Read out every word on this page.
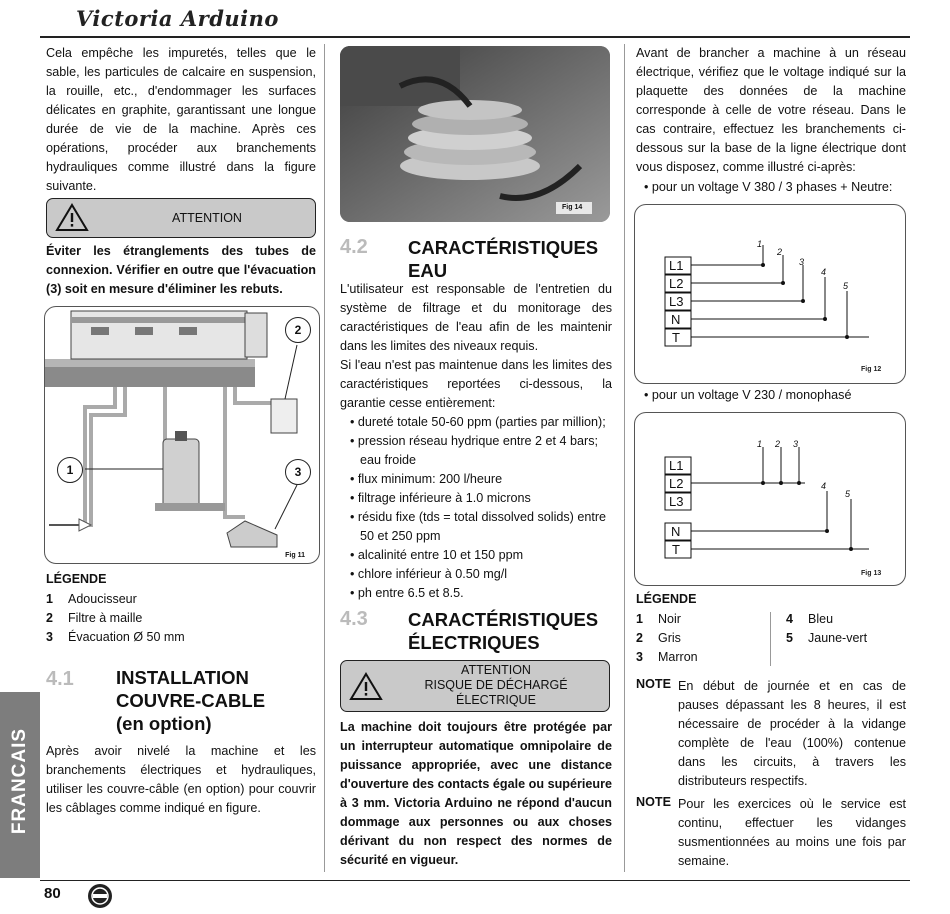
Victoria Arduino
Cela empêche les impuretés, telles que le sable, les particules de calcaire en suspension, la rouille, etc., d'endommager les surfaces délicates en graphite, garantissant une longue durée de vie de la machine. Après ces opérations, procéder aux branchements hydrauliques comme illustré dans la figure suivante.
ATTENTION
Éviter les étranglements des tubes de connexion. Vérifier en outre que l'évacuation (3) soit en mesure d'éliminer les rebuts.
1
2
3
Fig 11
LÉGENDE
1 Adoucisseur
2 Filtre à maille
3 Évacuation Ø 50 mm
4.1 INSTALLATION
COUVRE-CABLE
(en option)
Après avoir nivelé la machine et les branchements électriques et hydrauliques, utiliser les couvre-câble (en option) pour couvrir les câblages comme indiqué en figure.
Fig 14
4.2 CARACTÉRISTIQUES
EAU
L'utilisateur est responsable de l'entretien du système de filtrage et du monitorage des caractéristiques de l'eau afin de les maintenir dans les limites des niveaux requis.
Si l'eau n'est pas maintenue dans les limites des caractéristiques reportées ci-dessous, la garantie cesse entièrement:
• dureté totale 50-60 ppm (parties par million);
• pression réseau hydrique entre 2 et 4 bars; eau froide
• flux minimum: 200 l/heure
• filtrage inférieure à 1.0 microns
• résidu fixe (tds = total dissolved solids) entre 50 et 250 ppm
• alcalinité entre 10 et 150 ppm
• chlore inférieur à 0.50 mg/l
• ph entre 6.5 et 8.5.
4.3 CARACTÉRISTIQUES
ÉLECTRIQUES
ATTENTION
RISQUE DE DÉCHARGÉ
ÉLECTRIQUE
La machine doit toujours être protégée par un interrupteur automatique omnipolaire de puissance appropriée, avec une distance d'ouverture des contacts égale ou supérieure à 3 mm. Victoria Arduino ne répond d'aucun dommage aux personnes ou aux choses dérivant du non respect des normes de sécurité en vigueur.
Avant de brancher a machine à un réseau électrique, vérifiez que le voltage indiqué sur la plaquette des données de la machine corresponde à celle de votre réseau. Dans le cas contraire, effectuez les branchements ci-dessous sur la base de la ligne électrique dont vous disposez, comme illustré ci-après:
• pour un voltage V 380 / 3 phases + Neutre:
L1
L2
L3
N
T
1
2
3
4
5
Fig 12
• pour un voltage V 230 / monophasé
L1
L2
L3
N
T
1 2 3
4
5
Fig 13
LÉGENDE
1 Noir
2 Gris
3 Marron
4 Bleu
5 Jaune-vert
NOTE En début de journée et en cas de pauses dépassant les 8 heures, il est nécessaire de procéder à la vidange complète de l'eau (100%) contenue dans les circuits, à travers les distributeurs respectifs.
NOTE Pour les exercices où le service est continu, effectuer les vidanges susmentionnées au moins une fois par semaine.
FRANCAIS
80
